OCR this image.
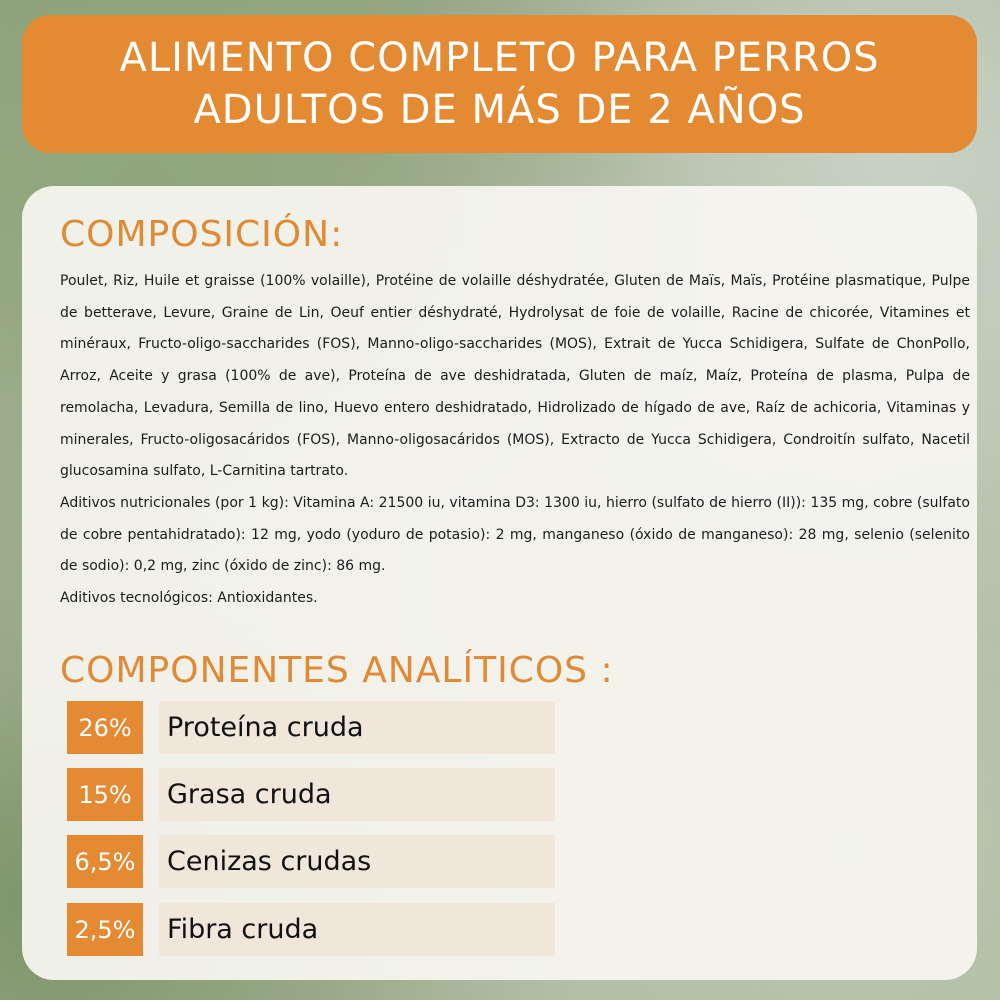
ALIMENTO COMPLETO PARA PERROS
ADULTOS DE MÁS DE 2 AÑOS
COMPOSICIÓN:

Poulet, Riz, Huile et graisse (100% volaille), Protéine de volaille déshydratée, Gluten de Maïs, Maïs, Protéine plasmatique, Pulpe de betterave, Levure, Graine de Lin, Oeuf entier déshydraté, Hydrolysat de foie de volaille, Racine de chicorée, Vitamines et minéraux, Fructo-oligo-saccharides (FOS), Manno-oligo-saccharides (MOS), Extrait de Yucca Schidigera, Sulfate de ChonPollo, Arroz, Aceite y grasa (100% de ave), Proteína de ave deshidratada, Gluten de maíz, Maíz, Proteína de plasma, Pulpa de remolacha, Levadura, Semilla de lino, Huevo entero deshidratado, Hidrolizado de hígado de ave, Raíz de achicoria, Vitaminas y minerales, Fructo-oligosacáridos (FOS), Manno-oligosacáridos (MOS), Extracto de Yucca Schidigera, Condroitín sulfato, Nacetil glucosamina sulfato, L-Carnitina tartrato.

Aditivos nutricionales (por 1 kg): Vitamina A: 21500 iu, vitamina D3: 1300 iu, hierro (sulfato de hierro (II)): 135 mg, cobre (sulfato de cobre pentahidratado): 12 mg, yodo (yoduro de potasio): 2 mg, manganeso (óxido de manganeso): 28 mg, selenio (selenito de sodio): 0,2 mg, zinc (óxido de zinc): 86 mg.

Aditivos tecnológicos: Antioxidantes.

COMPONENTES ANALÍTICOS :
26%	Proteína cruda
15%	Grasa cruda
6,5% Cenizas crudas
2,5% Fibra cruda
